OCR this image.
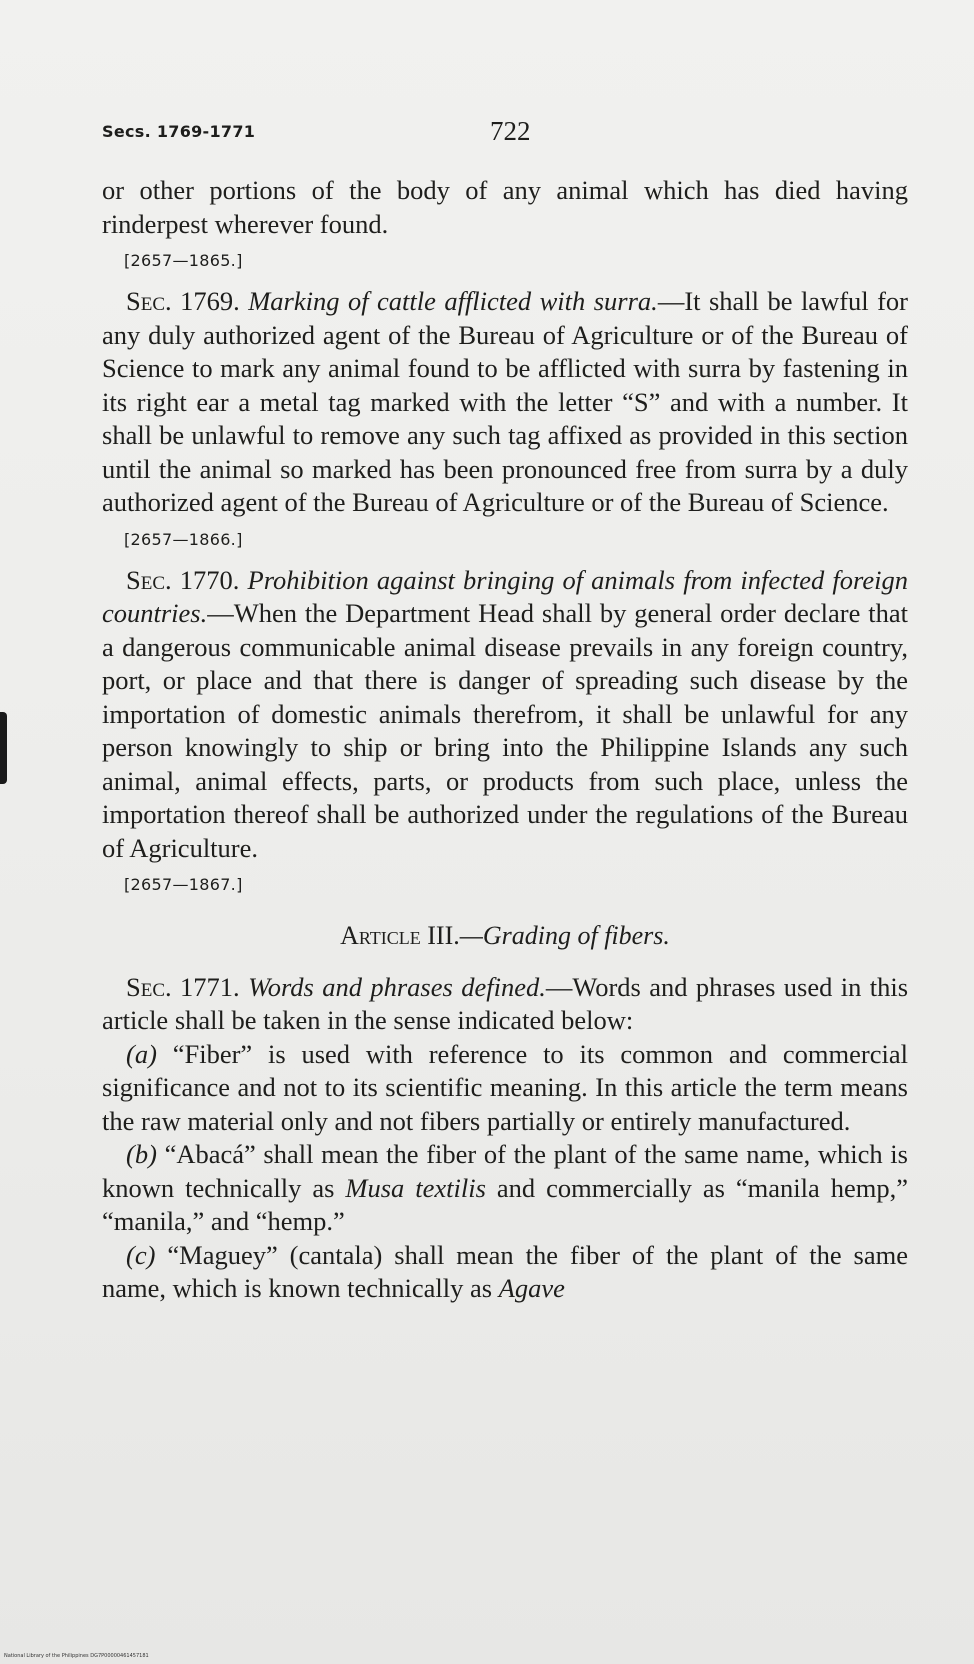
Secs. 1769-1771	722

or other portions of the body of any animal which has died having rinderpest wherever found.

[2657—1865.]

Sec. 1769. Marking of cattle afflicted with surra.—It shall be lawful for any duly authorized agent of the Bureau of Agriculture or of the Bureau of Science to mark any animal found to be afflicted with surra by fastening in its right ear a metal tag marked with the letter “S” and with a number. It shall be unlawful to remove any such tag affixed as provided in this section until the animal so marked has been pronounced free from surra by a duly authorized agent of the Bureau of Agriculture or of the Bureau of Science.

[2657—1866.]

Sec. 1770. Prohibition against bringing of animals from infected foreign countries.—When the Department Head shall by general order declare that a dangerous communicable animal disease prevails in any foreign country, port, or place and that there is danger of spreading such disease by the importation of domestic animals therefrom, it shall be unlawful for any person knowingly to ship or bring into the Philippine Islands any such animal, animal effects, parts, or products from such place, unless the importation thereof shall be authorized under the regulations of the Bureau of Agriculture.

[2657—1867.]

Article III.—Grading of fibers.

Sec. 1771. Words and phrases defined.—Words and phrases used in this article shall be taken in the sense indicated below:

(a) “Fiber” is used with reference to its common and commercial significance and not to its scientific meaning. In this article the term means the raw material only and not fibers partially or entirely manufactured.

(b) “Abacá” shall mean the fiber of the plant of the same name, which is known technically as Musa textilis and commercially as “manila hemp,” “manila,” and “hemp.”

(c) “Maguey” (cantala) shall mean the fiber of the plant of the same name, which is known technically as Agave

National Library of the Philippines DG7P00000461457181
